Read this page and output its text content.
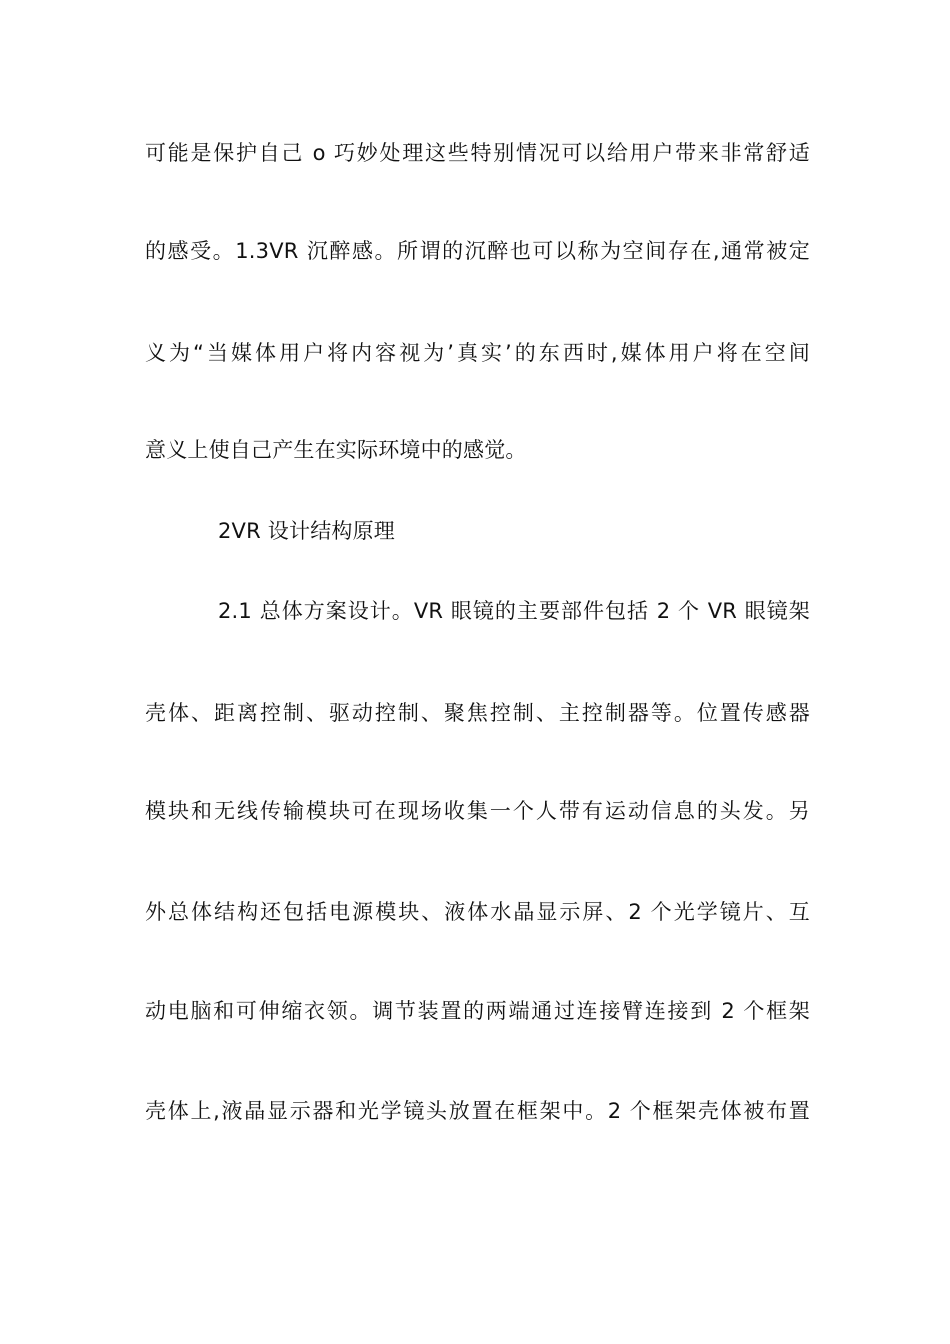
可能是保护自己 o 巧妙处理这些特别情况可以给用户带来非常舒适
的感受。1.3VR 沉醉感。所谓的沉醉也可以称为空间存在,通常被定
义为“当媒体用户将内容视为’真实’的东西时,媒体用户将在空间
意义上使自己产生在实际环境中的感觉。
2VR 设计结构原理
2.1 总体方案设计。VR 眼镜的主要部件包括 2 个 VR 眼镜架
壳体、距离控制、驱动控制、聚焦控制、主控制器等。位置传感器
模块和无线传输模块可在现场收集一个人带有运动信息的头发。另
外总体结构还包括电源模块、液体水晶显示屏、2 个光学镜片、互
动电脑和可伸缩衣领。调节装置的两端通过连接臂连接到 2 个框架
壳体上,液晶显示器和光学镜头放置在框架中。2 个框架壳体被布置
